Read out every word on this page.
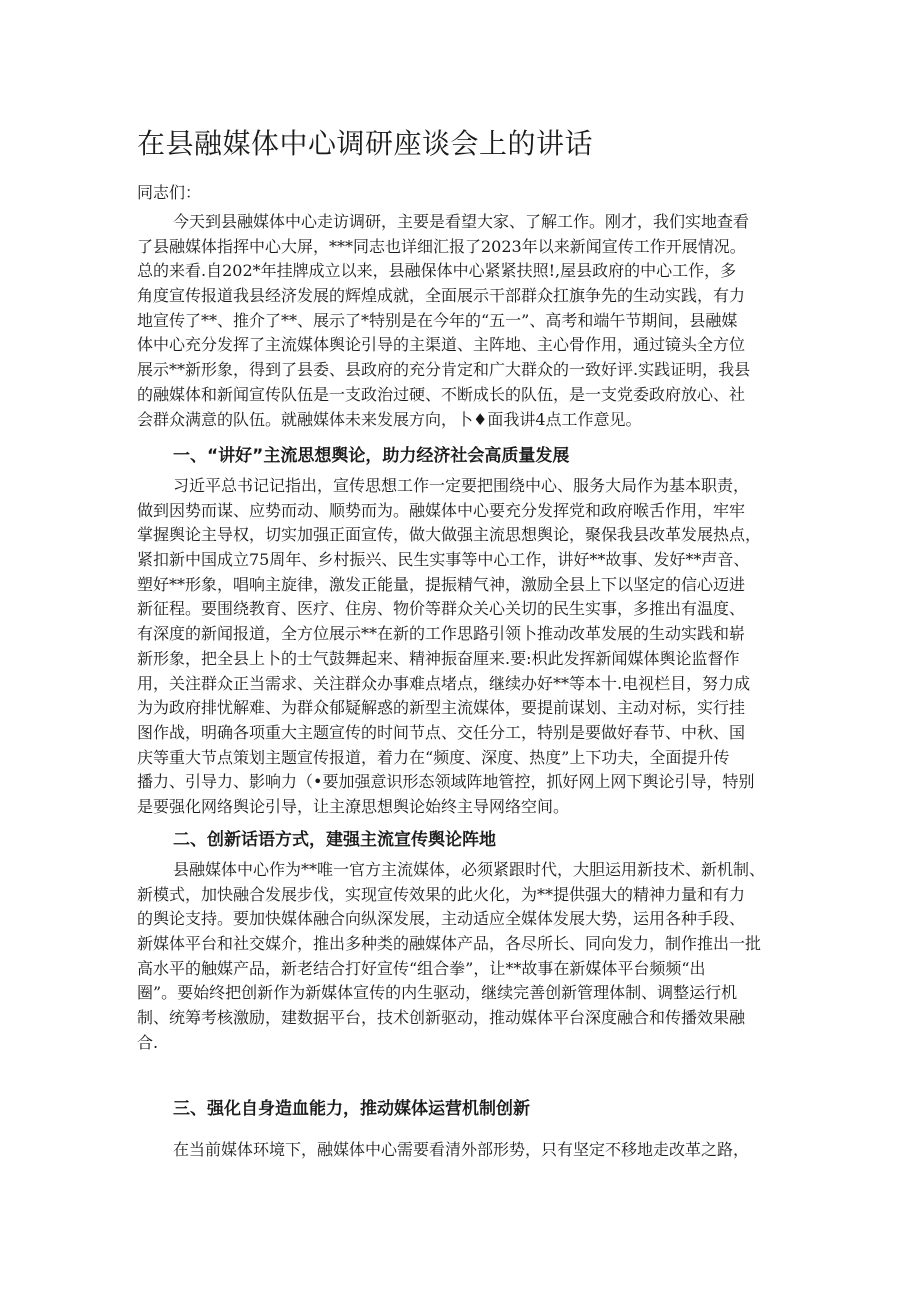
在县融媒体中心调研座谈会上的讲话
同志们：
今天到县融媒体中心走访调研，主要是看望大家、了解工作。刚才，我们实地查看
了县融媒体指挥中心大屏，***同志也详细汇报了2023年以来新闻宣传工作开展情况。
总的来看.自202*年挂牌成立以来，县融保体中心紧紧扶照!,屋县政府的中心工作，多
角度宣传报道我县经济发展的辉煌成就，全面展示干部群众扛旗争先的生动实践，有力
地宣传了**、推介了**、展示了*特别是在今年的“五一”、高考和端午节期间，县融媒
体中心充分发挥了主流媒体舆论引导的主渠道、主阵地、主心骨作用，通过镜头全方位
展示**新形象，得到了县委、县政府的充分肯定和广大群众的一致好评.实践证明，我县
的融媒体和新闻宣传队伍是一支政治过硬、不断成长的队伍，是一支党委政府放心、社
会群众满意的队伍。就融媒体未来发展方向，卜♦面我讲4点工作意见。
一、“讲好”主流思想舆论，助力经济社会高质量发展
习近平总书记记指出，宣传思想工作一定要把围绕中心、服务大局作为基本职责，
做到因势而谋、应势而动、顺势而为。融媒体中心要充分发挥党和政府喉舌作用，牢牢
掌握舆论主导权，切实加强正面宣传，做大做强主流思想舆论，聚保我县改革发展热点，
紧扣新中国成立75周年、乡村振兴、民生实事等中心工作，讲好**故事、发好**声音、
塑好**形象，唱响主旋律，激发正能量，提振精气神，激励全县上下以坚定的信心迈进
新征程。要围绕教育、医疗、住房、物价等群众关心关切的民生实事，多推出有温度、
有深度的新闻报道，全方位展示**在新的工作思路引领卜推动改革发展的生动实践和崭
新形象，把全县上卜的士气鼓舞起来、精神振奋厘来.要:枳此发挥新闻媒体舆论监督作
用，关注群众正当需求、关注群众办事难点堵点，继续办好**等本十.电视栏目，努力成
为为政府排忧解难、为群众郁疑解惑的新型主流媒体，要提前谋划、主动对标，实行挂
图作战，明确各项重大主题宣传的时间节点、交任分工，特别是要做好春节、中秋、国
庆等重大节点策划主题宣传报道，着力在“频度、深度、热度”上下功夫，全面提升传
播力、引导力、影响力（•要加强意识形态领域阵地管控，抓好网上网下舆论引导，特别
是要强化网络舆论引导，让主潦思想舆论始终主导网络空间。
二、创新话语方式，建强主流宣传舆论阵地
县融媒体中心作为**唯一官方主流媒体，必须紧跟时代，大胆运用新技术、新机制、
新模式，加快融合发展步伐，实现宣传效果的此火化，为**提供强大的精神力量和有力
的舆论支持。要加快媒体融合向纵深发展，主动适应全媒体发展大势，运用各种手段、
新媒体平台和社交媒介，推出多种类的融媒体产品，各尽所长、同向发力，制作推出一批
高水平的触媒产品，新老结合打好宣传“组合拳”，让**故事在新媒体平台频频“出
圈”。要始终把创新作为新媒体宣传的内生驱动，继续完善创新管理体制、调整运行机
制、统筹考核激励，建数据平台，技术创新驱动，推动媒体平台深度融合和传播效果融
合.
三、强化自身造血能力，推动媒体运营机制创新
在当前媒体环境下，融媒体中心需要看清外部形势，只有坚定不移地走改革之路，
